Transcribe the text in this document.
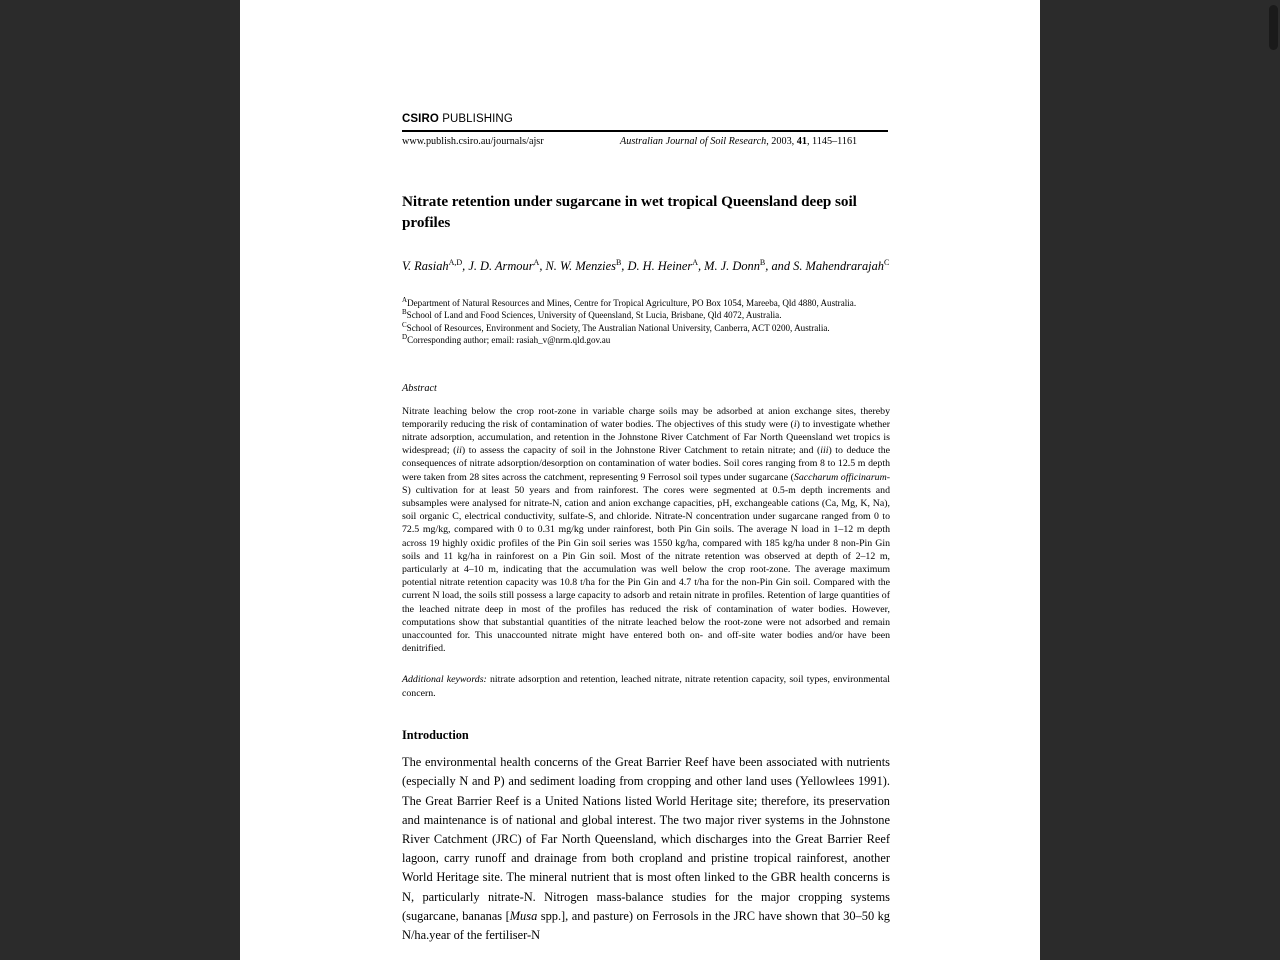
CSIRO PUBLISHING
www.publish.csiro.au/journals/ajsr	Australian Journal of Soil Research, 2003, 41, 1145–1161
Nitrate retention under sugarcane in wet tropical Queensland deep soil profiles
V. Rasiah$^{A,D}$, J. D. Armour$^A$, N. W. Menzies$^B$, D. H. Heiner$^A$, M. J. Donn$^B$, and S. Mahendrarajah$^C$
$^A$Department of Natural Resources and Mines, Centre for Tropical Agriculture, PO Box 1054, Mareeba, Qld 4880, Australia.
$^B$School of Land and Food Sciences, University of Queensland, St Lucia, Brisbane, Qld 4072, Australia.
$^C$School of Resources, Environment and Society, The Australian National University, Canberra, ACT 0200, Australia.
$^D$Corresponding author; email: rasiah_v@nrm.qld.gov.au
Abstract
Nitrate leaching below the crop root-zone in variable charge soils may be adsorbed at anion exchange sites, thereby temporarily reducing the risk of contamination of water bodies. The objectives of this study were (i) to investigate whether nitrate adsorption, accumulation, and retention in the Johnstone River Catchment of Far North Queensland wet tropics is widespread; (ii) to assess the capacity of soil in the Johnstone River Catchment to retain nitrate; and (iii) to deduce the consequences of nitrate adsorption/desorption on contamination of water bodies. Soil cores ranging from 8 to 12.5 m depth were taken from 28 sites across the catchment, representing 9 Ferrosol soil types under sugarcane (Saccharum officinarum-S) cultivation for at least 50 years and from rainforest. The cores were segmented at 0.5-m depth increments and subsamples were analysed for nitrate-N, cation and anion exchange capacities, pH, exchangeable cations (Ca, Mg, K, Na), soil organic C, electrical conductivity, sulfate-S, and chloride. Nitrate-N concentration under sugarcane ranged from 0 to 72.5 mg/kg, compared with 0 to 0.31 mg/kg under rainforest, both Pin Gin soils. The average N load in 1–12 m depth across 19 highly oxidic profiles of the Pin Gin soil series was 1550 kg/ha, compared with 185 kg/ha under 8 non-Pin Gin soils and 11 kg/ha in rainforest on a Pin Gin soil. Most of the nitrate retention was observed at depth of 2–12 m, particularly at 4–10 m, indicating that the accumulation was well below the crop root-zone. The average maximum potential nitrate retention capacity was 10.8 t/ha for the Pin Gin and 4.7 t/ha for the non-Pin Gin soil. Compared with the current N load, the soils still possess a large capacity to adsorb and retain nitrate in profiles. Retention of large quantities of the leached nitrate deep in most of the profiles has reduced the risk of contamination of water bodies. However, computations show that substantial quantities of the nitrate leached below the root-zone were not adsorbed and remain unaccounted for. This unaccounted nitrate might have entered both on- and off-site water bodies and/or have been denitrified.
Additional keywords: nitrate adsorption and retention, leached nitrate, nitrate retention capacity, soil types, environmental concern.
Introduction
The environmental health concerns of the Great Barrier Reef have been associated with nutrients (especially N and P) and sediment loading from cropping and other land uses (Yellowlees 1991). The Great Barrier Reef is a United Nations listed World Heritage site; therefore, its preservation and maintenance is of national and global interest. The two major river systems in the Johnstone River Catchment (JRC) of Far North Queensland, which discharges into the Great Barrier Reef lagoon, carry runoff and drainage from both cropland and pristine tropical rainforest, another World Heritage site. The mineral nutrient that is most often linked to the GBR health concerns is N, particularly nitrate-N. Nitrogen mass-balance studies for the major cropping systems (sugarcane, bananas [Musa spp.], and pasture) on Ferrosols in the JRC have shown that 30–50 kg N/ha.year of the fertiliser-N
